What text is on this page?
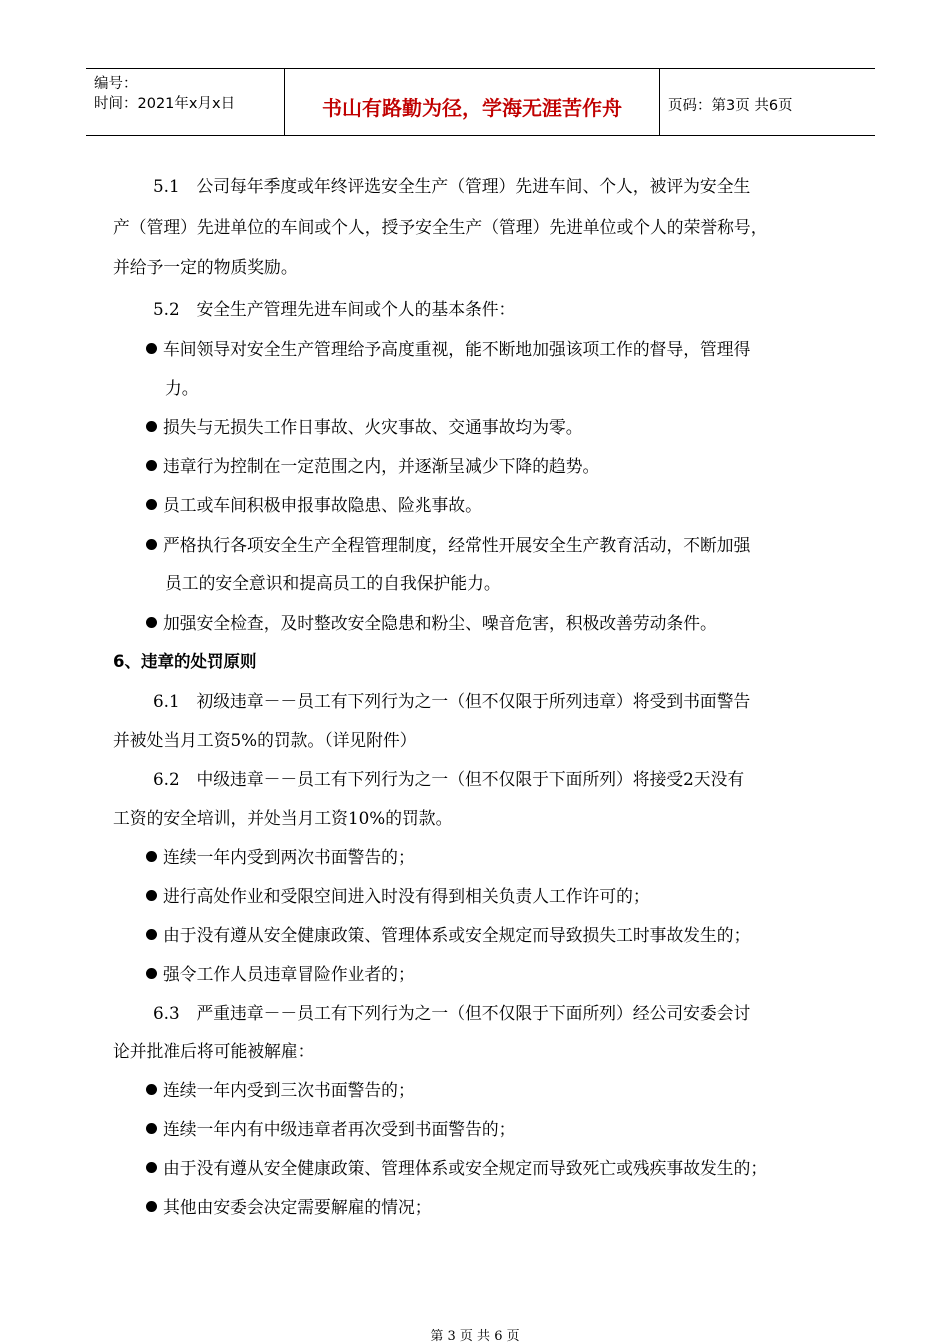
编号：
时间：2021年x月x日	书山有路勤为径，学海无涯苦作舟	页码：第3页 共6页
5.1　公司每年季度或年终评选安全生产（管理）先进车间、个人，被评为安全生
产（管理）先进单位的车间或个人，授予安全生产（管理）先进单位或个人的荣誉称号，
并给予一定的物质奖励。
5.2　安全生产管理先进车间或个人的基本条件：
车间领导对安全生产管理给予高度重视，能不断地加强该项工作的督导，管理得
力。
损失与无损失工作日事故、火灾事故、交通事故均为零。
违章行为控制在一定范围之内，并逐渐呈减少下降的趋势。
员工或车间积极申报事故隐患、险兆事故。
严格执行各项安全生产全程管理制度，经常性开展安全生产教育活动，不断加强
员工的安全意识和提高员工的自我保护能力。
加强安全检查，及时整改安全隐患和粉尘、噪音危害，积极改善劳动条件。
6、违章的处罚原则
6.1　初级违章－－员工有下列行为之一（但不仅限于所列违章）将受到书面警告
并被处当月工资5%的罚款。（详见附件）
6.2　中级违章－－员工有下列行为之一（但不仅限于下面所列）将接受2天没有
工资的安全培训，并处当月工资10%的罚款。
连续一年内受到两次书面警告的；
进行高处作业和受限空间进入时没有得到相关负责人工作许可的；
由于没有遵从安全健康政策、管理体系或安全规定而导致损失工时事故发生的；
强令工作人员违章冒险作业者的；
6.3　严重违章－－员工有下列行为之一（但不仅限于下面所列）经公司安委会讨
论并批准后将可能被解雇：
连续一年内受到三次书面警告的；
连续一年内有中级违章者再次受到书面警告的；
由于没有遵从安全健康政策、管理体系或安全规定而导致死亡或残疾事故发生的；
其他由安委会决定需要解雇的情况；
第 3 页 共 6 页
